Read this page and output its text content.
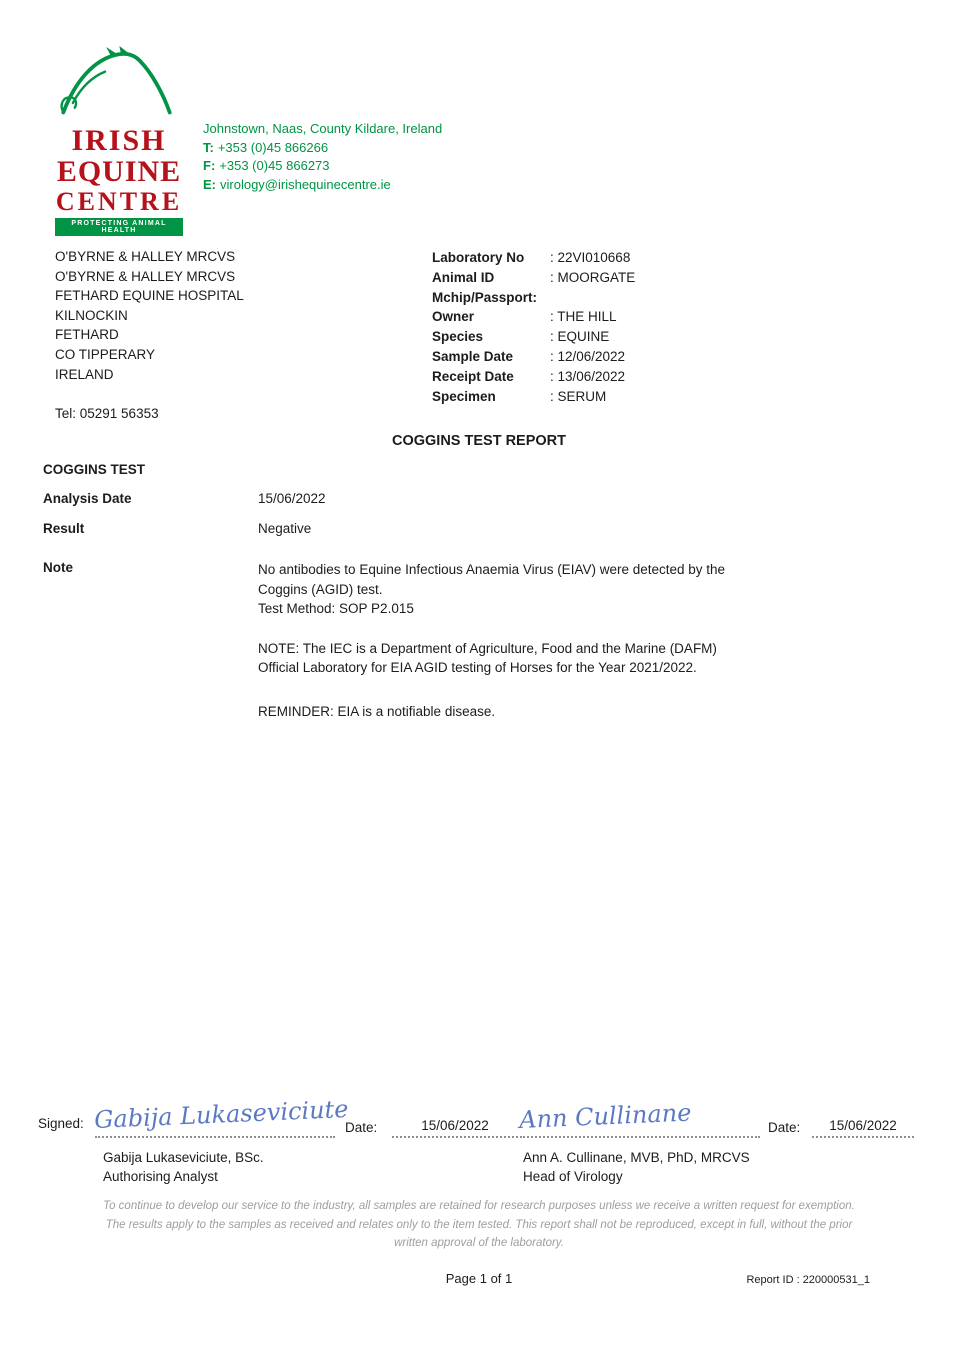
IRISH
EQUINE
CENTRE
PROTECTING ANIMAL HEALTH
Johnstown, Naas, County Kildare, Ireland
T: +353 (0)45 866266
F: +353 (0)45 866273
E: virology@irishequinecentre.ie
O'BYRNE & HALLEY MRCVS
O'BYRNE & HALLEY MRCVS
FETHARD EQUINE HOSPITAL
KILNOCKIN
FETHARD
CO TIPPERARY
IRELAND
Tel: 05291 56353
Laboratory No	: 22VI010668
Animal ID	: MOORGATE
Mchip/Passport:
Owner	: THE HILL
Species	: EQUINE
Sample Date	: 12/06/2022
Receipt Date	: 13/06/2022
Specimen	: SERUM
COGGINS TEST REPORT
COGGINS TEST
Analysis Date	15/06/2022
Result	Negative
Note	No antibodies to Equine Infectious Anaemia Virus (EIAV) were detected by the Coggins (AGID) test.
Test Method: SOP P2.015
NOTE: The IEC is a Department of Agriculture, Food and the Marine (DAFM) Official Laboratory for EIA AGID testing of Horses for the Year 2021/2022.
REMINDER: EIA is a notifiable disease.
Signed: Gabija Lukaseviciute
Date:	15/06/2022 Ann Cullinane	Date: 15/06/2022
Gabija Lukaseviciute, BSc.
Authorising Analyst
Ann A. Cullinane, MVB, PhD, MRCVS
Head of Virology
To continue to develop our service to the industry, all samples are retained for research purposes unless we receive a written request for exemption.
The results apply to the samples as received and relates only to the item tested. This report shall not be reproduced, except in full, without the prior
written approval of the laboratory.
Page 1 of 1	Report ID : 220000531_1
